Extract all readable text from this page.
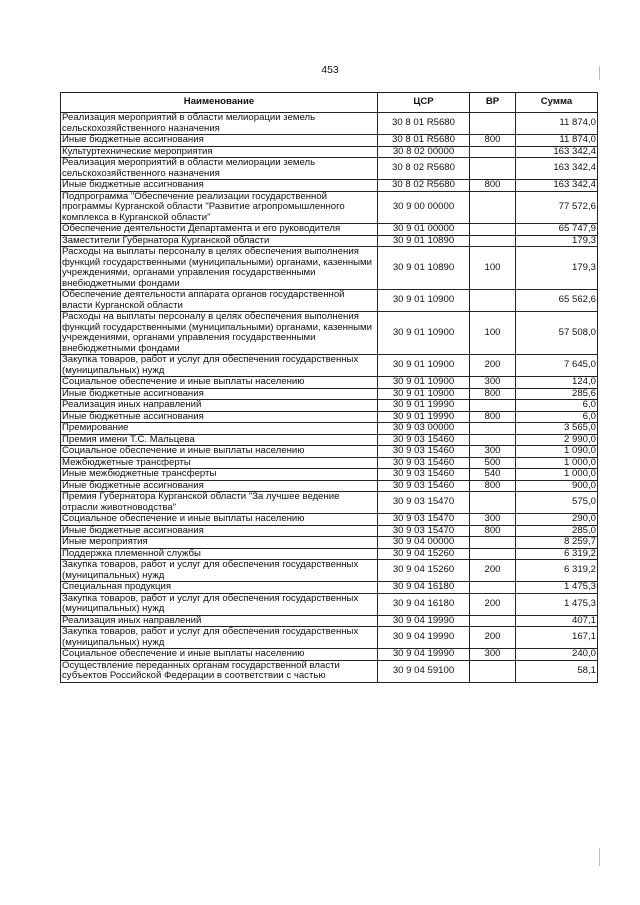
453
Наименование	ЦСР	ВР	Сумма
Реализация мероприятий в области мелиорации земель сельскохозяйственного назначения	30 8 01 R5680		11 874,0
Иные бюджетные ассигнования	30 8 01 R5680	800	11 874,0
Культуртехнические мероприятия	30 8 02 00000		163 342,4
Реализация мероприятий в области мелиорации земель сельскохозяйственного назначения	30 8 02 R5680		163 342,4
Иные бюджетные ассигнования	30 8 02 R5680	800	163 342,4
Подпрограмма "Обеспечение реализации государственной программы Курганской области "Развитие агропромышленного комплекса в Курганской области"	30 9 00 00000		77 572,6
Обеспечение деятельности Департамента и его руководителя	30 9 01 00000		65 747,9
Заместители Губернатора Курганской области	30 9 01 10890		179,3
Расходы на выплаты персоналу в целях обеспечения выполнения функций государственными (муниципальными) органами, казенными учреждениями, органами управления государственными внебюджетными фондами	30 9 01 10890	100	179,3
Обеспечение деятельности аппарата органов государственной власти Курганской области	30 9 01 10900		65 562,6
Расходы на выплаты персоналу в целях обеспечения выполнения функций государственными (муниципальными) органами, казенными учреждениями, органами управления государственными внебюджетными фондами	30 9 01 10900	100	57 508,0
Закупка товаров, работ и услуг для обеспечения государственных (муниципальных) нужд	30 9 01 10900	200	7 645,0
Социальное обеспечение и иные выплаты населению	30 9 01 10900	300	124,0
Иные бюджетные ассигнования	30 9 01 10900	800	285,6
Реализация иных направлений	30 9 01 19990		6,0
Иные бюджетные ассигнования	30 9 01 19990	800	6,0
Премирование	30 9 03 00000		3 565,0
Премия имени Т.С. Мальцева	30 9 03 15460		2 990,0
Социальное обеспечение и иные выплаты населению	30 9 03 15460	300	1 090,0
Межбюджетные трансферты	30 9 03 15460	500	1 000,0
Иные межбюджетные трансферты	30 9 03 15460	540	1 000,0
Иные бюджетные ассигнования	30 9 03 15460	800	900,0
Премия Губернатора Курганской области "За лучшее ведение отрасли животноводства"	30 9 03 15470		575,0
Социальное обеспечение и иные выплаты населению	30 9 03 15470	300	290,0
Иные бюджетные ассигнования	30 9 03 15470	800	285,0
Иные мероприятия	30 9 04 00000		8 259,7
Поддержка племенной службы	30 9 04 15260		6 319,2
Закупка товаров, работ и услуг для обеспечения государственных (муниципальных) нужд	30 9 04 15260	200	6 319,2
Специальная продукция	30 9 04 16180		1 475,3
Закупка товаров, работ и услуг для обеспечения государственных (муниципальных) нужд	30 9 04 16180	200	1 475,3
Реализация иных направлений	30 9 04 19990		407,1
Закупка товаров, работ и услуг для обеспечения государственных (муниципальных) нужд	30 9 04 19990	200	167,1
Социальное обеспечение и иные выплаты населению	30 9 04 19990	300	240,0
Осуществление переданных органам государственной власти субъектов Российской Федерации в соответствии с частью	30 9 04 59100		58,1
